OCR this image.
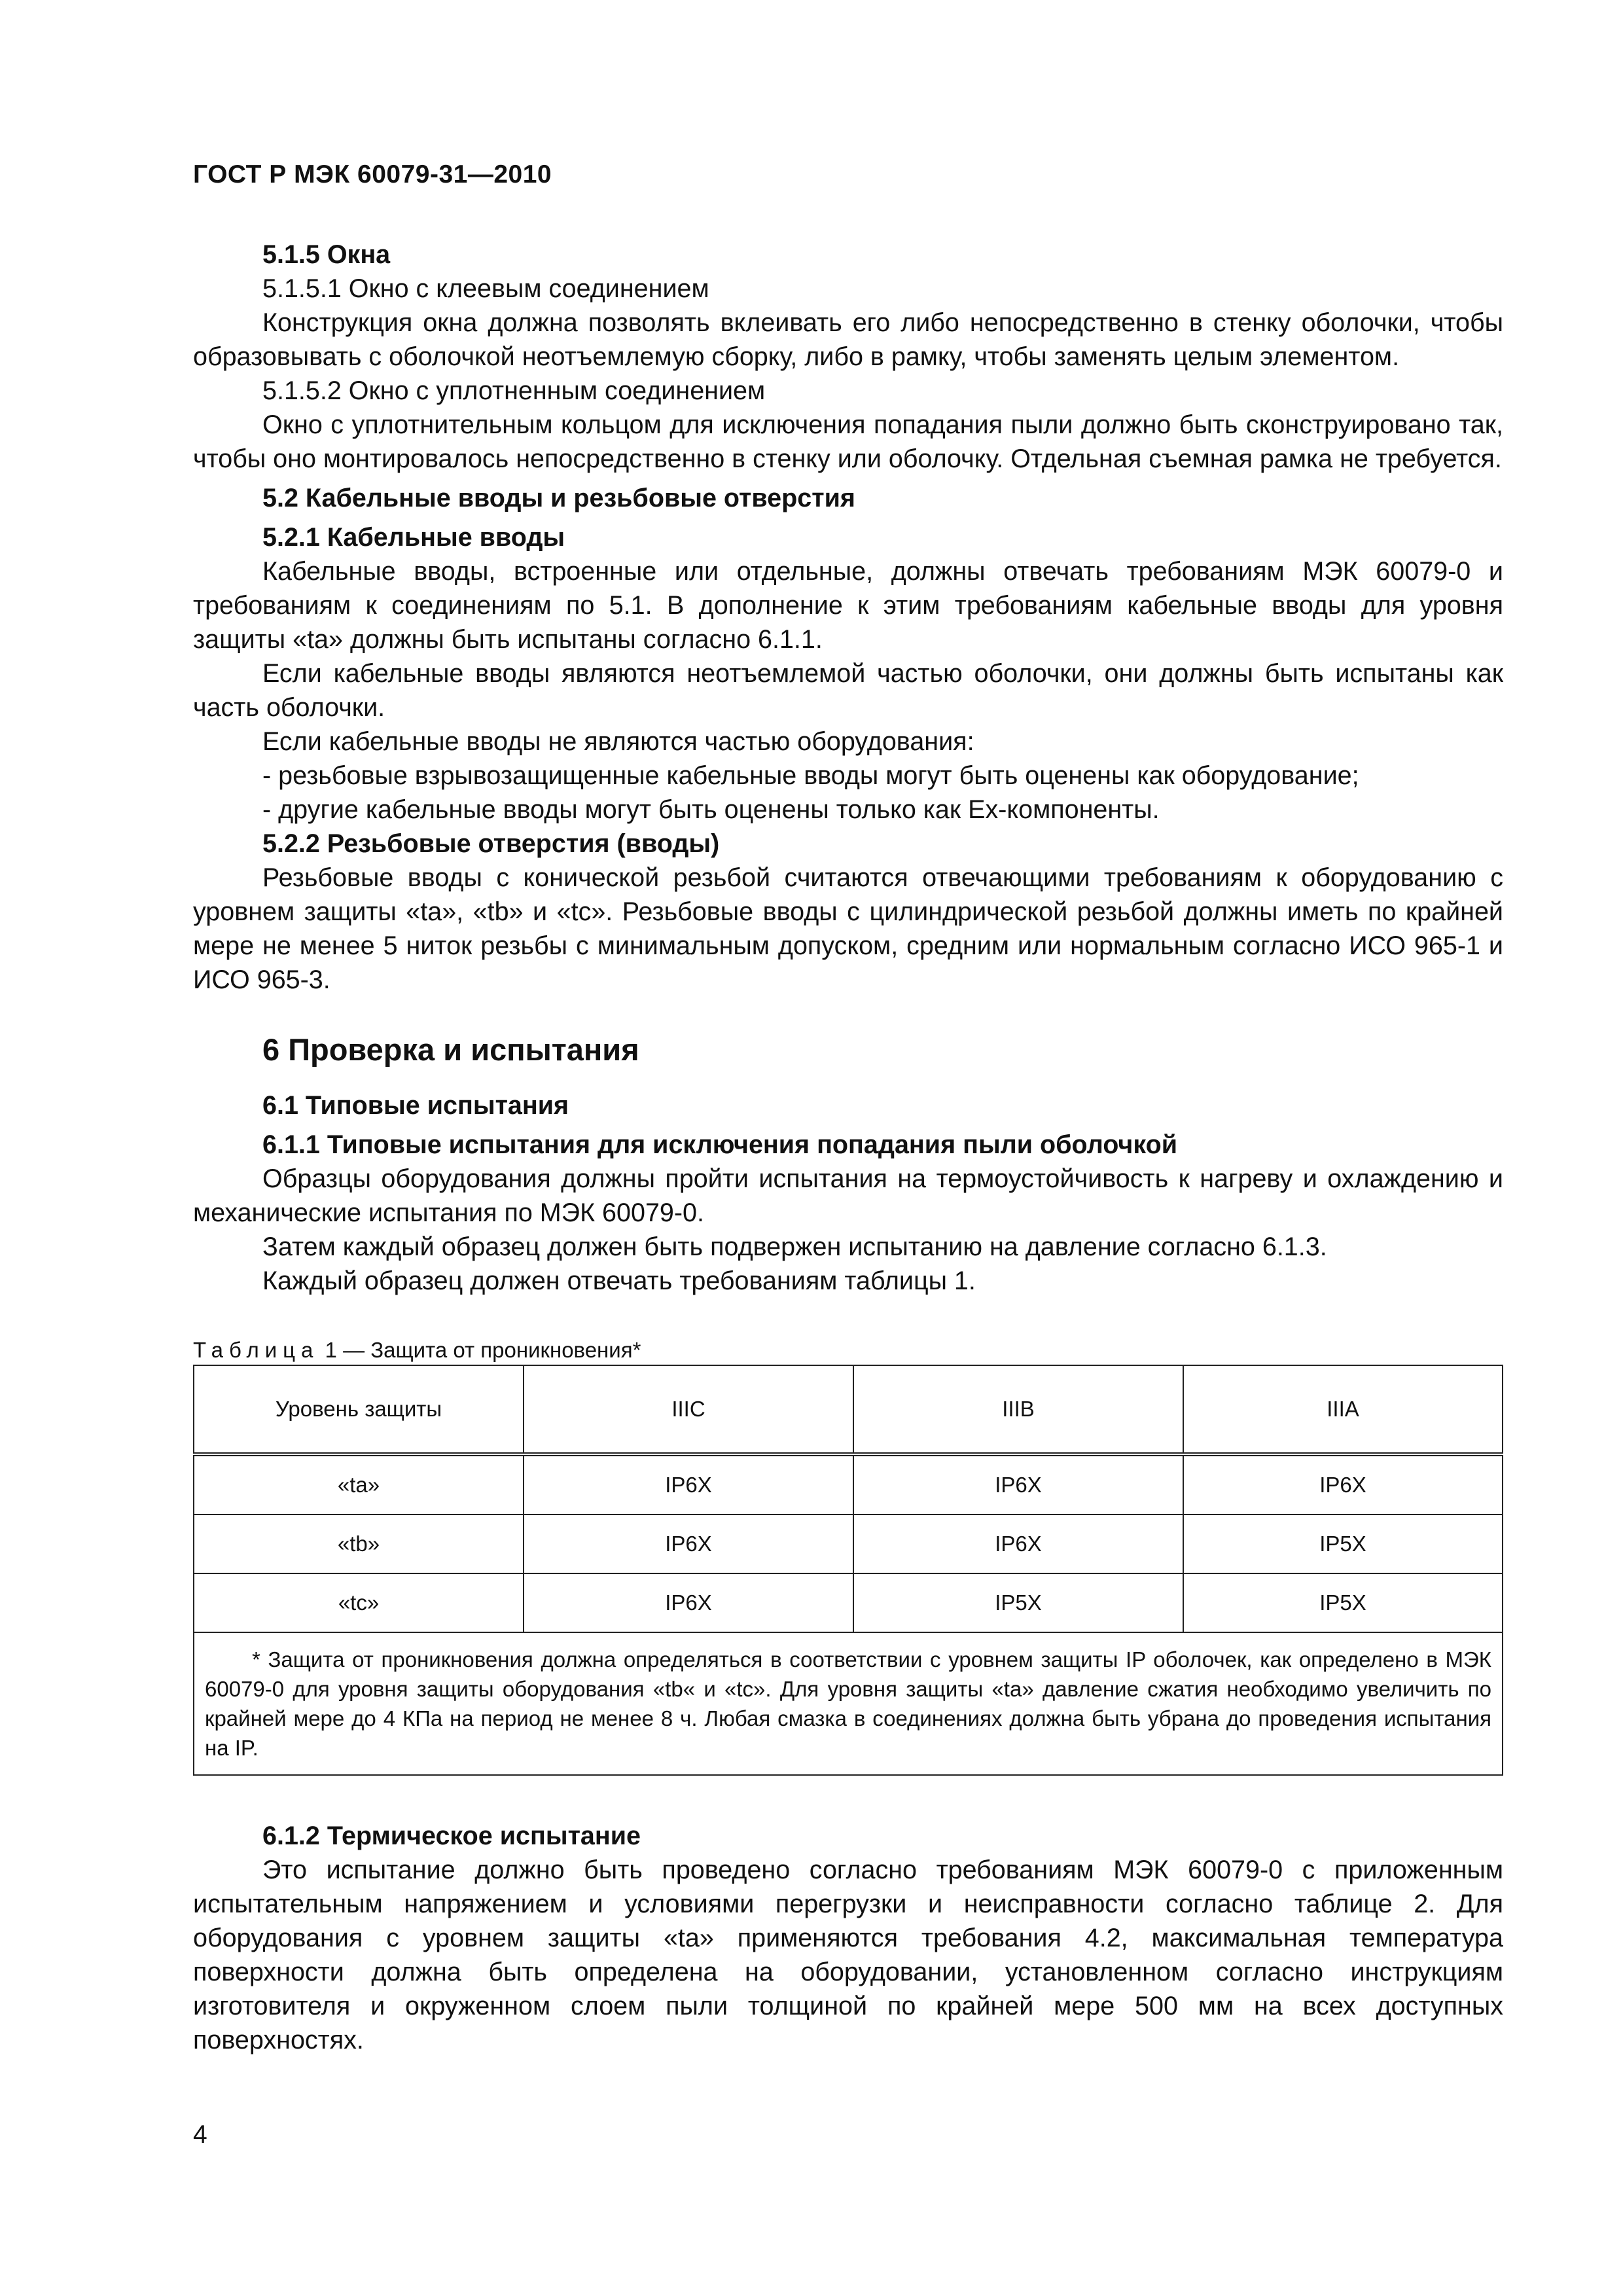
ГОСТ Р МЭК 60079-31—2010

5.1.5 Окна

5.1.5.1 Окно с клеевым соединением

Конструкция окна должна позволять вклеивать его либо непосредственно в стенку оболочки, чтобы образовывать с оболочкой неотъемлемую сборку, либо в рамку, чтобы заменять целым элементом.

5.1.5.2 Окно с уплотненным соединением

Окно с уплотнительным кольцом для исключения попадания пыли должно быть сконструировано так, чтобы оно монтировалось непосредственно в стенку или оболочку. Отдельная съемная рамка не требуется.

5.2 Кабельные вводы и резьбовые отверстия

5.2.1 Кабельные вводы

Кабельные вводы, встроенные или отдельные, должны отвечать требованиям МЭК 60079-0 и требованиям к соединениям по 5.1. В дополнение к этим требованиям кабельные вводы для уровня защиты «ta» должны быть испытаны согласно 6.1.1.

Если кабельные вводы являются неотъемлемой частью оболочки, они должны быть испытаны как часть оболочки.

Если кабельные вводы не являются частью оборудования:

- резьбовые взрывозащищенные кабельные вводы могут быть оценены как оборудование;

- другие кабельные вводы могут быть оценены только как Ex-компоненты.

5.2.2 Резьбовые отверстия (вводы)

Резьбовые вводы с конической резьбой считаются отвечающими требованиям к оборудованию с уровнем защиты «ta», «tb» и «tc». Резьбовые вводы с цилиндрической резьбой должны иметь по крайней мере не менее 5 ниток резьбы с минимальным допуском, средним или нормальным согласно ИСО 965-1 и ИСО 965-3.

6 Проверка и испытания

6.1 Типовые испытания

6.1.1 Типовые испытания для исключения попадания пыли оболочкой

Образцы оборудования должны пройти испытания на термоустойчивость к нагреву и охлаждению и механические испытания по МЭК 60079-0.

Затем каждый образец должен быть подвержен испытанию на давление согласно 6.1.3.

Каждый образец должен отвечать требованиям таблицы 1.

Таблица 1 — Защита от проникновения*
Уровень защиты	IIIC	IIIB	IIIA
«ta»	IP6X	IP6X	IP6X
«tb»	IP6X	IP6X	IP5X
«tc»	IP6X	IP5X	IP5X

* Защита от проникновения должна определяться в соответствии с уровнем защиты IP оболочек, как определено в МЭК 60079-0 для уровня защиты оборудования «tb« и «tc». Для уровня защиты «ta» давление сжатия необходимо увеличить по крайней мере до 4 КПа на период не менее 8 ч. Любая смазка в соединениях должна быть убрана до проведения испытания на IP.			

6.1.2 Термическое испытание

Это испытание должно быть проведено согласно требованиям МЭК 60079-0 с приложенным испытательным напряжением и условиями перегрузки и неисправности согласно таблице 2. Для оборудования с уровнем защиты «ta» применяются требования 4.2, максимальная температура поверхности должна быть определена на оборудовании, установленном согласно инструкциям изготовителя и окруженном слоем пыли толщиной по крайней мере 500 мм на всех доступных поверхностях.

4
